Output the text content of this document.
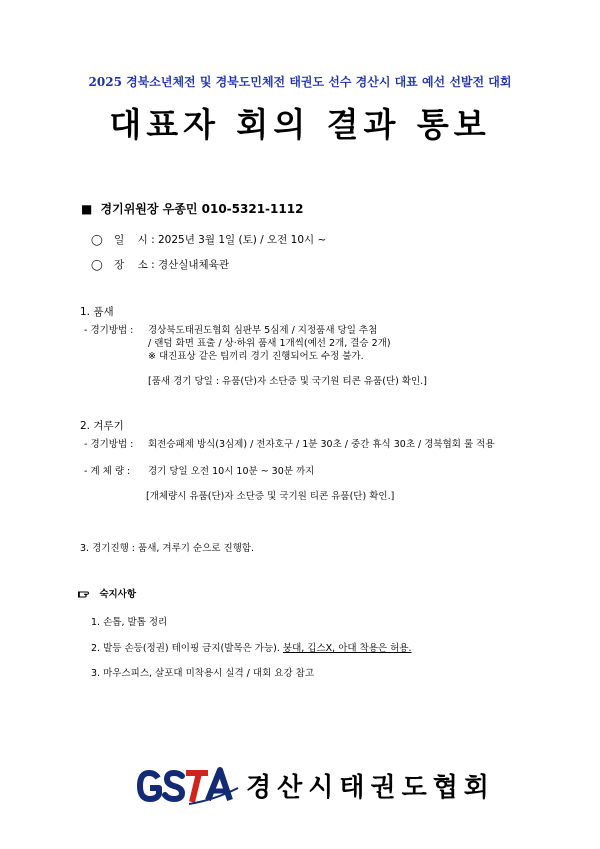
2025 경북소년체전 및 경북도민체전 태권도 선수 경산시 대표 예선 선발전 대회
대표자 회의 결과 통보
■ 경기위원장 우종민 010-5321-1112
◯ 일    시 : 2025년 3월 1일 (토) / 오전 10시 ~
◯ 장    소 : 경산실내체육관
1. 품새
- 경기방법 : 경상북도태권도협회 심판부 5심제 / 지정품새 당일 추첨
/ 랜덤 화면 표출 / 상·하위 품새 1개씩(예선 2개, 결승 2개)
※ 대진표상 같은 팀끼리 경기 진행되어도 수정 불가.
[품새 경기 당일 : 유품(단)자 소단증 및 국기원 티콘 유품(단) 확인.]
2. 겨루기
- 경기방법 : 회전승패제 방식(3심제) / 전자호구 / 1분 30초 / 중간 휴식 30초 / 경북협회 룰 적용
- 계 체 량 : 경기 당일 오전 10시 10분 ~ 30분 까지
[개체량시 유품(단)자 소단증 및 국기원 티콘 유품(단) 확인.]
3. 경기진행 : 품새, 겨루기 순으로 진행함.
숙지사항
1. 손톱, 발톱 정리
2. 발등 손등(정권) 테이핑 금지(발목은 가능). 붕대, 깁스X, 아대 착용은 허용.
3. 마우스피스, 살포대 미착용시 실격 / 대회 요강 참고
경산시태권도협회
